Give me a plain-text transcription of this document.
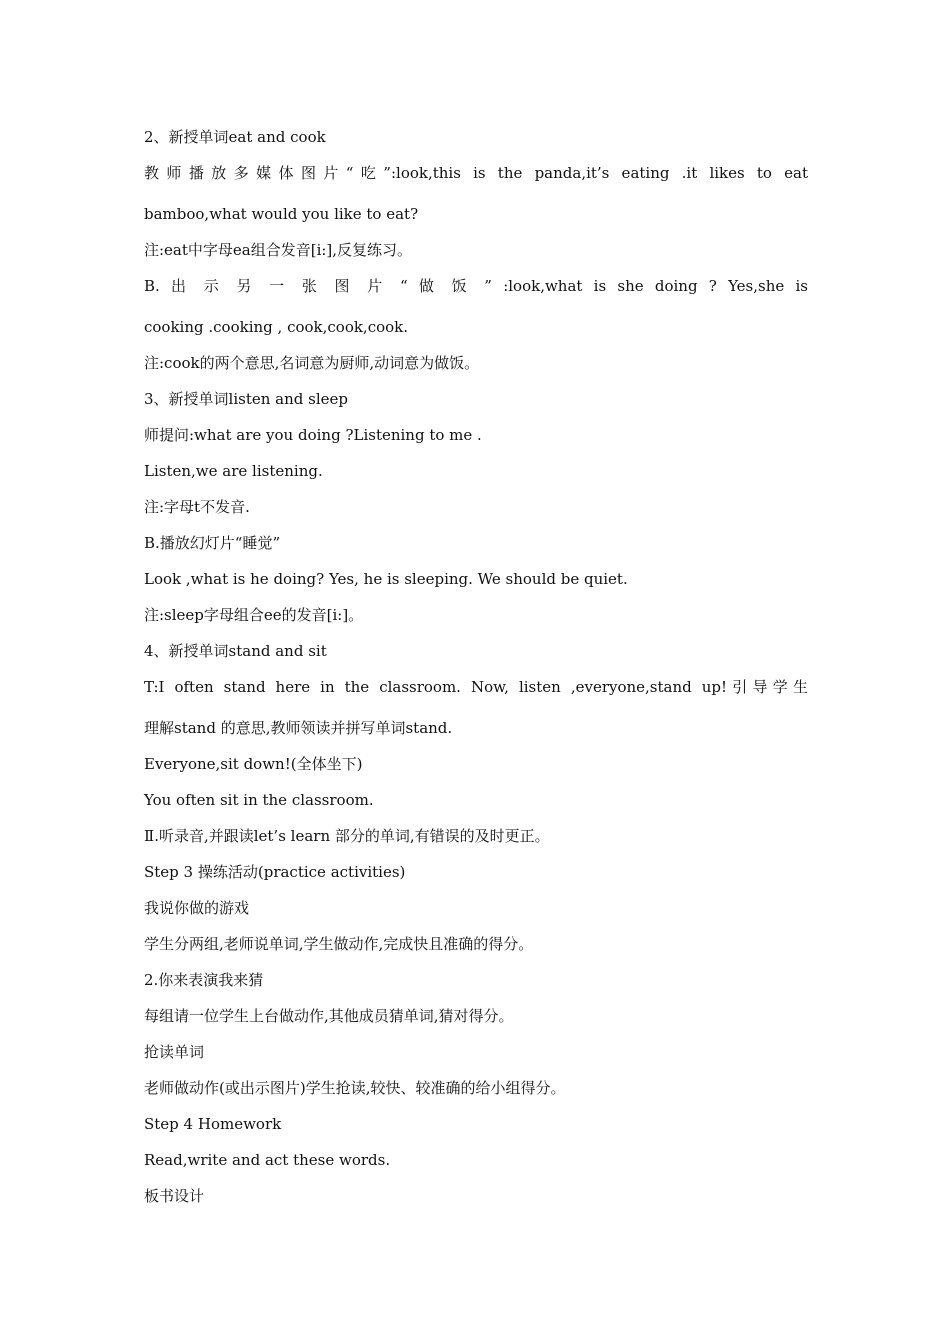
2、新授单词eat and cook
教师播放多媒体图片“吃”:look,this is the panda,it’s eating .it likes to eat
bamboo,what would you like to eat?
注:eat中字母ea组合发音[i:],反复练习。
B. 出 示 另 一 张 图 片 “ 做 饭 ” :look,what is she doing ? Yes,she is
cooking .cooking , cook,cook,cook.
注:cook的两个意思,名词意为厨师,动词意为做饭。
3、新授单词listen and sleep
师提问:what are you doing ?Listening to me .
Listen,we are listening.
注:字母t不发音.
B.播放幻灯片“睡觉”
Look ,what is he doing? Yes, he is sleeping. We should be quiet.
注:sleep字母组合ee的发音[i:]。
4、新授单词stand and sit
T:I often stand here in the classroom. Now, listen ,everyone,stand up!引导学生
理解stand 的意思,教师领读并拼写单词stand.
Everyone,sit down!(全体坐下)
You often sit in the classroom.
Ⅱ.听录音,并跟读let’s learn 部分的单词,有错误的及时更正。
Step 3 操练活动(practice activities)
我说你做的游戏
学生分两组,老师说单词,学生做动作,完成快且准确的得分。
2.你来表演我来猜
每组请一位学生上台做动作,其他成员猜单词,猜对得分。
抢读单词
老师做动作(或出示图片)学生抢读,较快、较准确的给小组得分。
Step 4 Homework
Read,write and act these words.
板书设计
